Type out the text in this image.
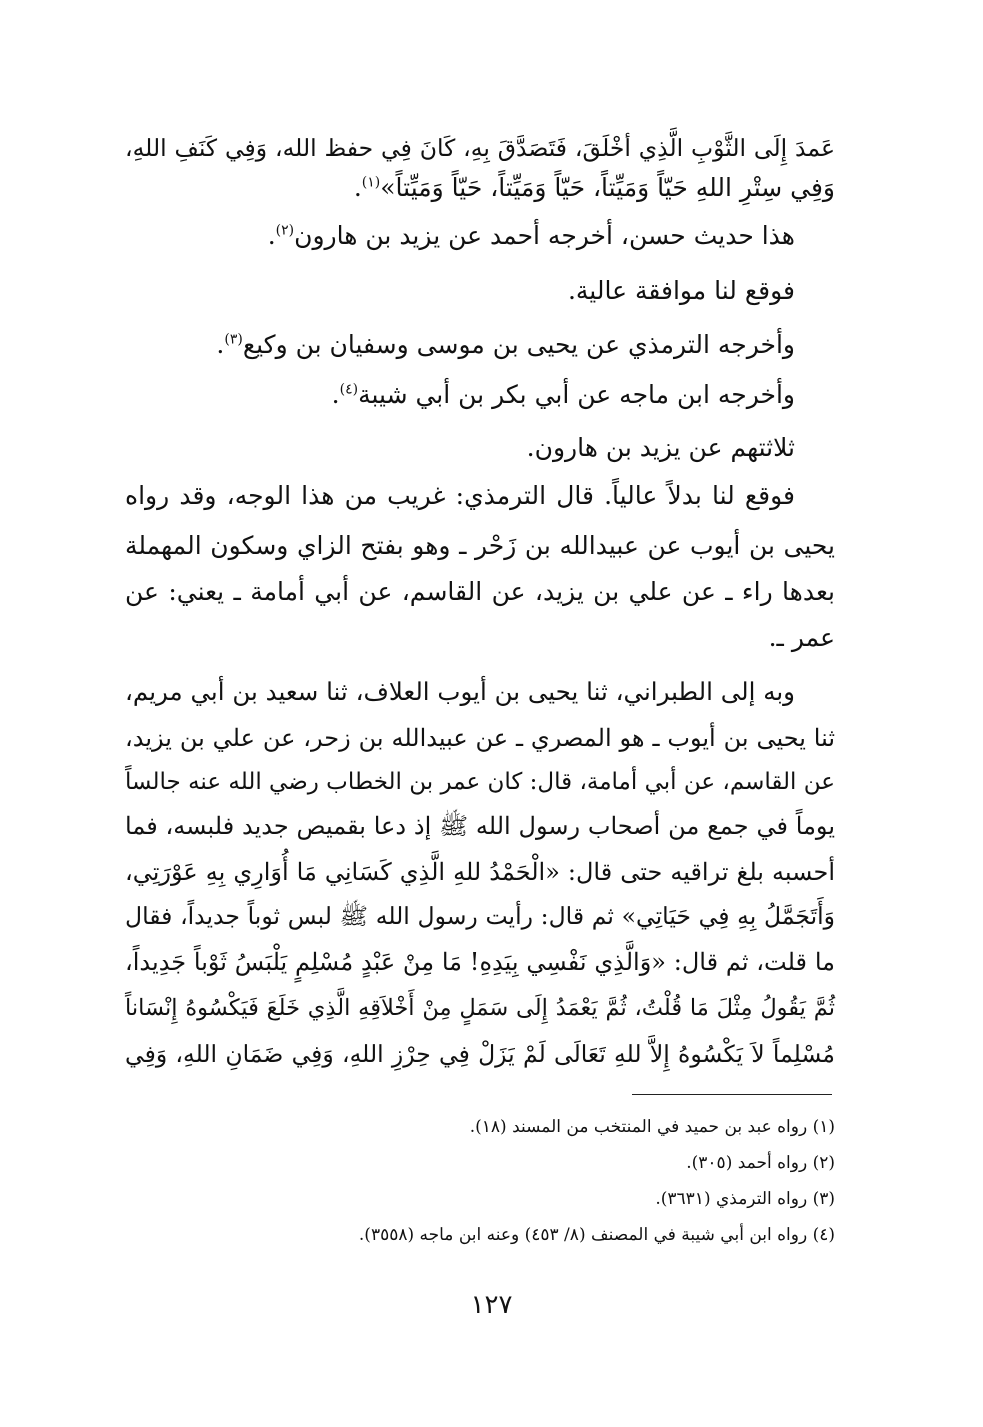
عَمدَ إِلَى الثَّوْبِ الَّذِي أخْلَقَ، فَتَصَدَّقَ بِهِ، كَانَ فِي حفظ الله، وَفِي كَنَفِ اللهِ،
وَفِي سِتْرِ اللهِ حَيّاً وَمَيِّتاً، حَيّاً وَمَيِّتاً، حَيّاً وَمَيِّتاً»$^{(١)}$.
هذا حديث حسن، أخرجه أحمد عن يزيد بن هارون$^{(٢)}$.
فوقع لنا موافقة عالية.
وأخرجه الترمذي عن يحيى بن موسى وسفيان بن وكيع$^{(٣)}$.
وأخرجه ابن ماجه عن أبي بكر بن أبي شيبة$^{(٤)}$.
ثلاثتهم عن يزيد بن هارون.
فوقع لنا بدلاً عالياً. قال الترمذي: غريب من هذا الوجه، وقد رواه
يحيى بن أيوب عن عبيدالله بن زَحْر ـ وهو بفتح الزاي وسكون المهملة
بعدها راء ـ عن علي بن يزيد، عن القاسم، عن أبي أمامة ـ يعني: عن
عمر ـ.
وبه إلى الطبراني، ثنا يحيى بن أيوب العلاف، ثنا سعيد بن أبي مريم،
ثنا يحيى بن أيوب ـ هو المصري ـ عن عبيدالله بن زحر، عن علي بن يزيد،
عن القاسم، عن أبي أمامة، قال: كان عمر بن الخطاب رضي الله عنه جالساً
يوماً في جمع من أصحاب رسول الله ﷺ إذ دعا بقميص جديد فلبسه، فما
أحسبه بلغ تراقيه حتى قال: «الْحَمْدُ للهِ الَّذِي كَسَانِي مَا أُوَارِي بِهِ عَوْرَتِي،
وَأَتَجَمَّلُ بِهِ فِي حَيَاتِي» ثم قال: رأيت رسول الله ﷺ لبس ثوباً جديداً، فقال
ما قلت، ثم قال: «وَالَّذِي نَفْسِي بِيَدِهِ! مَا مِنْ عَبْدٍ مُسْلِمٍ يَلْبَسُ ثَوْباً جَدِيداً،
ثُمَّ يَقُولُ مِثْلَ مَا قُلْتُ، ثُمَّ يَعْمَدُ إِلَى سَمَلٍ مِنْ أَخْلاَقِهِ الَّذِي خَلَعَ فَيَكْسُوهُ إِنْسَاناً
مُسْلِماً لاَ يَكْسُوهُ إِلاَّ للهِ تَعَالَى لَمْ يَزَلْ فِي حِرْزِ اللهِ، وَفِي ضَمَانِ اللهِ، وَفِي
(١) رواه عبد بن حميد في المنتخب من المسند (١٨).
(٢) رواه أحمد (٣٠٥).
(٣) رواه الترمذي (٣٦٣١).
(٤) رواه ابن أبي شيبة في المصنف (٨/ ٤٥٣) وعنه ابن ماجه (٣٥٥٨).
١٢٧
